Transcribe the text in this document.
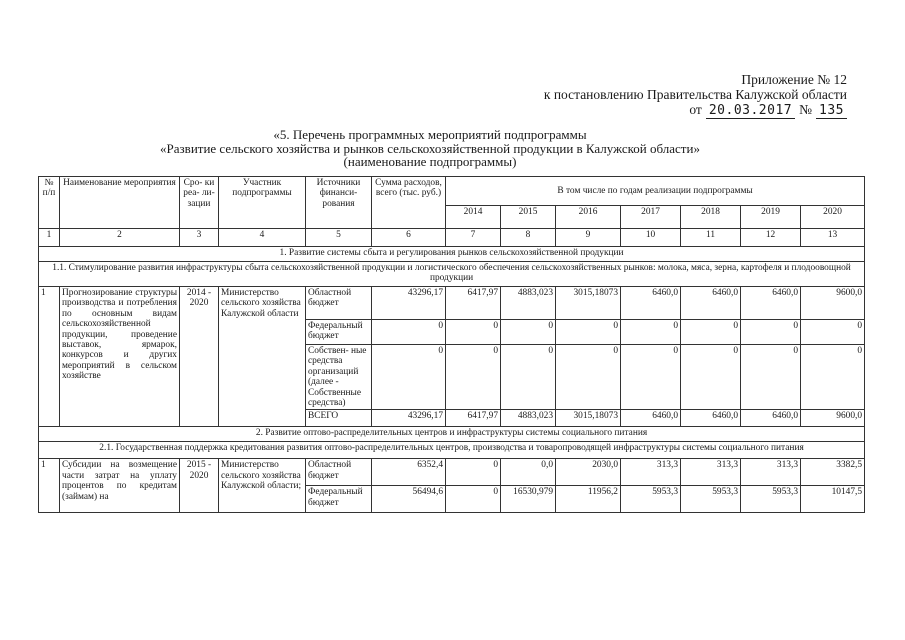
Приложение № 12
к постановлению Правительства Калужской области
от 20.03.2017 № 135
«5. Перечень программных мероприятий подпрограммы
«Развитие сельского хозяйства и рынков сельскохозяйственной продукции в Калужской области»
(наименование подпрограммы)
№ п/п	Наименование мероприятия	Сро- ки реа- ли- зации	Участник подпрограммы	Источники финанси- рования	Сумма расходов, всего (тыс. руб.)	В том числе по годам реализации подпрограммы						
						2014	2015	2016	2017	2018	2019	2020
1	2	3	4	5	6	7	8	9	10	11	12	13
1. Развитие системы сбыта и регулирования рынков сельскохозяйственной продукции												
1.1. Стимулирование развития инфраструктуры сбыта сельскохозяйственной продукции и логистического обеспечения сельскохозяйственных рынков: молока, мяса, зерна, картофеля и плодоовощной продукции												
1	Прогнозирование структуры производства и потребления по основным видам сельскохозяйственной продукции, проведение выставок, ярмарок, конкурсов и других мероприятий в сельском хозяйстве	2014 - 2020	Министерство сельского хозяйства Калужской области	Областной бюджет	43296,17	6417,97	4883,023	3015,18073	6460,0	6460,0	6460,0	9600,0
				Федеральный бюджет	0	0	0	0	0	0	0	0
				Собствен- ные средства организаций (далее - Собственные средства)	0	0	0	0	0	0	0	0
				ВСЕГО	43296,17	6417,97	4883,023	3015,18073	6460,0	6460,0	6460,0	9600,0
2. Развитие оптово-распределительных центров и инфраструктуры системы социального питания												
2.1. Государственная поддержка кредитования развития оптово-распределительных центров, производства и товаропроводящей инфраструктуры системы социального питания												
1	Субсидии на возмещение части затрат на уплату процентов по кредитам (займам) на	2015 - 2020	Министерство сельского хозяйства Калужской области;	Областной бюджет	6352,4	0	0,0	2030,0	313,3	313,3	313,3	3382,5
				Федеральный бюджет	56494,6	0	16530,979	11956,2	5953,3	5953,3	5953,3	10147,5
